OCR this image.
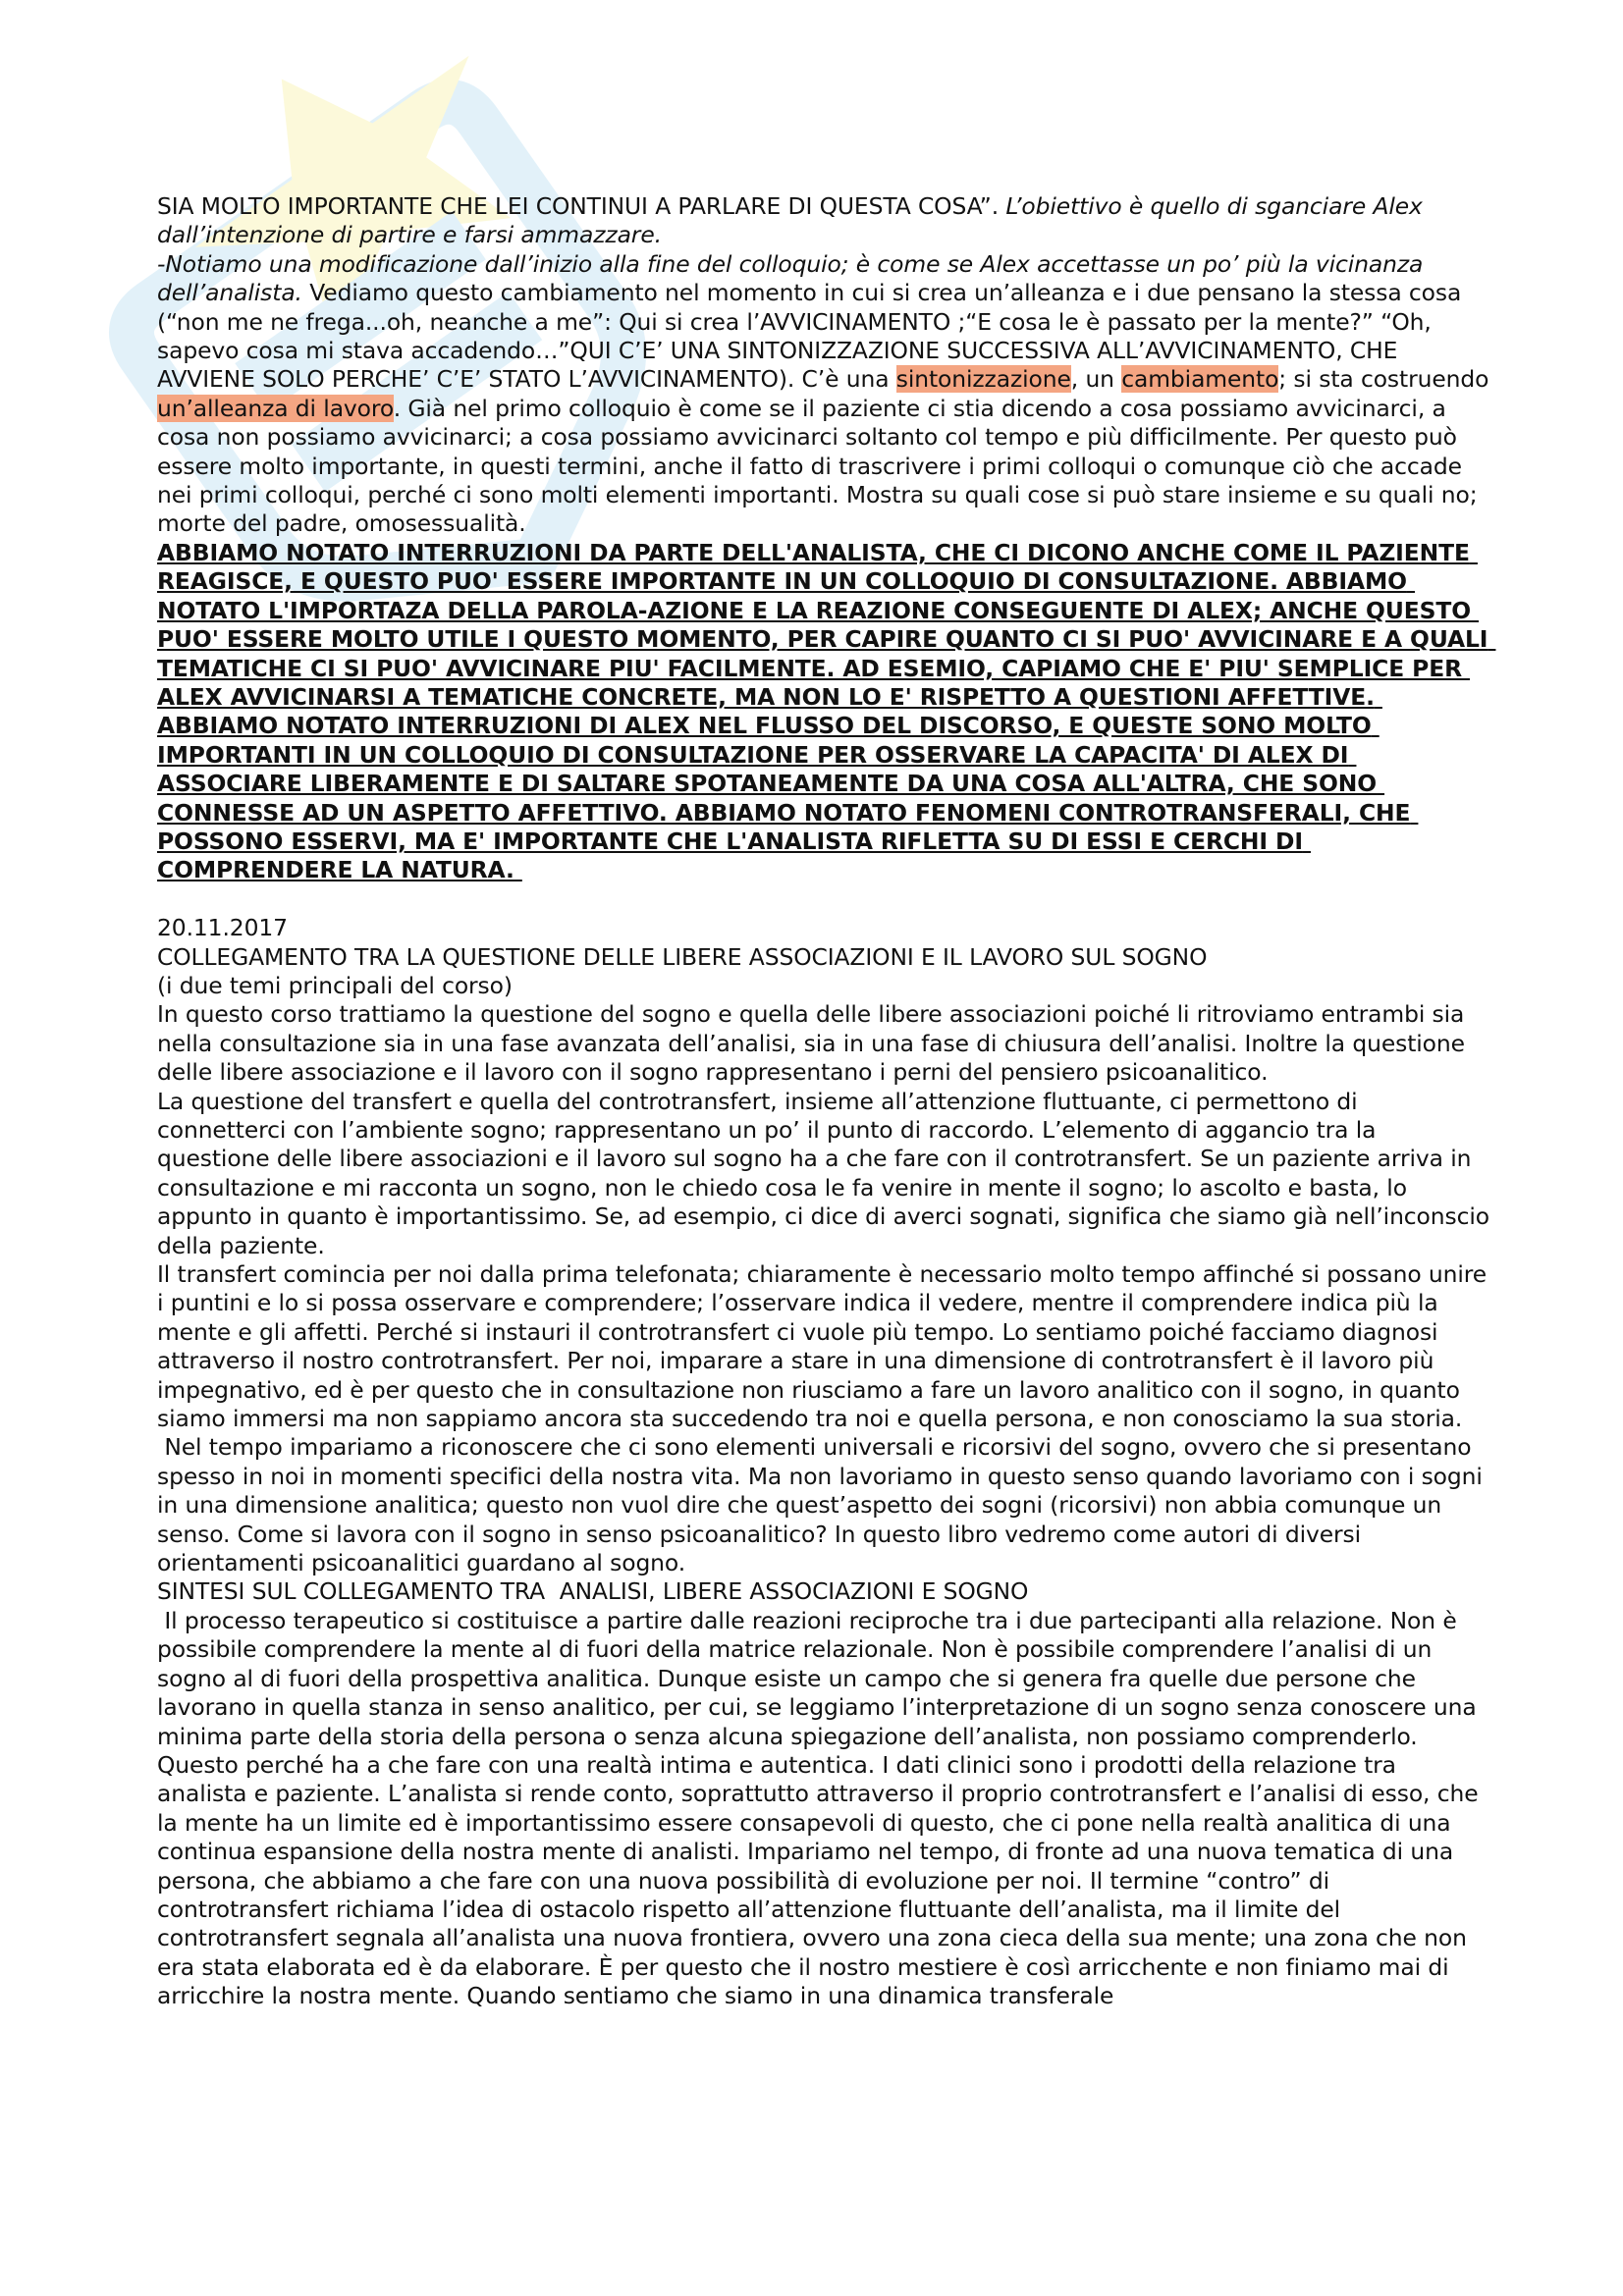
SIA MOLTO IMPORTANTE CHE LEI CONTINUI A PARLARE DI QUESTA COSA”. L’obiettivo è quello di sganciare Alex dall’intenzione di partire e farsi ammazzare.
-Notiamo una modificazione dall’inizio alla fine del colloquio; è come se Alex accettasse un po’ più la vicinanza dell’analista. Vediamo questo cambiamento nel momento in cui si crea un’alleanza e i due pensano la stessa cosa (“non me ne frega...oh, neanche a me”: Qui si crea l’AVVICINAMENTO ;“E cosa le è passato per la mente?” “Oh, sapevo cosa mi stava accadendo…”QUI C’E’ UNA SINTONIZZAZIONE SUCCESSIVA ALL’AVVICINAMENTO, CHE AVVIENE SOLO PERCHE’ C’E’ STATO L’AVVICINAMENTO). C’è una sintonizzazione, un cambiamento; si sta costruendo un’alleanza di lavoro. Già nel primo colloquio è come se il paziente ci stia dicendo a cosa possiamo avvicinarci, a cosa non possiamo avvicinarci; a cosa possiamo avvicinarci soltanto col tempo e più difficilmente. Per questo può essere molto importante, in questi termini, anche il fatto di trascrivere i primi colloqui o comunque ciò che accade nei primi colloqui, perché ci sono molti elementi importanti. Mostra su quali cose si può stare insieme e su quali no; morte del padre, omosessualità.

ABBIAMO NOTATO INTERRUZIONI DA PARTE DELL'ANALISTA, CHE CI DICONO ANCHE COME IL PAZIENTE REAGISCE, E QUESTO PUO' ESSERE IMPORTANTE IN UN COLLOQUIO DI CONSULTAZIONE. ABBIAMO NOTATO L'IMPORTAZA DELLA PAROLA-AZIONE E LA REAZIONE CONSEGUENTE DI ALEX; ANCHE QUESTO PUO' ESSERE MOLTO UTILE I QUESTO MOMENTO, PER CAPIRE QUANTO CI SI PUO' AVVICINARE E A QUALI TEMATICHE CI SI PUO' AVVICINARE PIU' FACILMENTE. AD ESEMIO, CAPIAMO CHE E' PIU' SEMPLICE PER ALEX AVVICINARSI A TEMATICHE CONCRETE, MA NON LO E' RISPETTO A QUESTIONI AFFETTIVE. ABBIAMO NOTATO INTERRUZIONI DI ALEX NEL FLUSSO DEL DISCORSO, E QUESTE SONO MOLTO IMPORTANTI IN UN COLLOQUIO DI CONSULTAZIONE PER OSSERVARE LA CAPACITA' DI ALEX DI ASSOCIARE LIBERAMENTE E DI SALTARE SPOTANEAMENTE DA UNA COSA ALL'ALTRA, CHE SONO CONNESSE AD UN ASPETTO AFFETTIVO. ABBIAMO NOTATO FENOMENI CONTROTRANSFERALI, CHE POSSONO ESSERVI, MA E' IMPORTANTE CHE L'ANALISTA RIFLETTA SU DI ESSI E CERCHI DI COMPRENDERE LA NATURA.

20.11.2017

COLLEGAMENTO TRA LA QUESTIONE DELLE LIBERE ASSOCIAZIONI E IL LAVORO SUL SOGNO

(i due temi principali del corso)

In questo corso trattiamo la questione del sogno e quella delle libere associazioni poiché li ritroviamo entrambi sia nella consultazione sia in una fase avanzata dell’analisi, sia in una fase di chiusura dell’analisi. Inoltre la questione delle libere associazione e il lavoro con il sogno rappresentano i perni del pensiero psicoanalitico.

La questione del transfert e quella del controtransfert, insieme all’attenzione fluttuante, ci permettono di connetterci con l’ambiente sogno; rappresentano un po’ il punto di raccordo. L’elemento di aggancio tra la questione delle libere associazioni e il lavoro sul sogno ha a che fare con il controtransfert. Se un paziente arriva in consultazione e mi racconta un sogno, non le chiedo cosa le fa venire in mente il sogno; lo ascolto e basta, lo appunto in quanto è importantissimo. Se, ad esempio, ci dice di averci sognati, significa che siamo già nell’inconscio della paziente.

Il transfert comincia per noi dalla prima telefonata; chiaramente è necessario molto tempo affinché si possano unire i puntini e lo si possa osservare e comprendere; l’osservare indica il vedere, mentre il comprendere indica più la mente e gli affetti. Perché si instauri il controtransfert ci vuole più tempo. Lo sentiamo poiché facciamo diagnosi attraverso il nostro controtransfert. Per noi, imparare a stare in una dimensione di controtransfert è il lavoro più impegnativo, ed è per questo che in consultazione non riusciamo a fare un lavoro analitico con il sogno, in quanto siamo immersi ma non sappiamo ancora sta succedendo tra noi e quella persona, e non conosciamo la sua storia.

Nel tempo impariamo a riconoscere che ci sono elementi universali e ricorsivi del sogno, ovvero che si presentano spesso in noi in momenti specifici della nostra vita. Ma non lavoriamo in questo senso quando lavoriamo con i sogni in una dimensione analitica; questo non vuol dire che quest’aspetto dei sogni (ricorsivi) non abbia comunque un senso. Come si lavora con il sogno in senso psicoanalitico? In questo libro vedremo come autori di diversi orientamenti psicoanalitici guardano al sogno.

SINTESI SUL COLLEGAMENTO TRA  ANALISI, LIBERE ASSOCIAZIONI E SOGNO

Il processo terapeutico si costituisce a partire dalle reazioni reciproche tra i due partecipanti alla relazione. Non è possibile comprendere la mente al di fuori della matrice relazionale. Non è possibile comprendere l’analisi di un sogno al di fuori della prospettiva analitica. Dunque esiste un campo che si genera fra quelle due persone che lavorano in quella stanza in senso analitico, per cui, se leggiamo l’interpretazione di un sogno senza conoscere una minima parte della storia della persona o senza alcuna spiegazione dell’analista, non possiamo comprenderlo. Questo perché ha a che fare con una realtà intima e autentica. I dati clinici sono i prodotti della relazione tra analista e paziente. L’analista si rende conto, soprattutto attraverso il proprio controtransfert e l’analisi di esso, che la mente ha un limite ed è importantissimo essere consapevoli di questo, che ci pone nella realtà analitica di una continua espansione della nostra mente di analisti. Impariamo nel tempo, di fronte ad una nuova tematica di una persona, che abbiamo a che fare con una nuova possibilità di evoluzione per noi. Il termine “contro” di controtransfert richiama l’idea di ostacolo rispetto all’attenzione fluttuante dell’analista, ma il limite del controtransfert segnala all’analista una nuova frontiera, ovvero una zona cieca della sua mente; una zona che non era stata elaborata ed è da elaborare. È per questo che il nostro mestiere è così arricchente e non finiamo mai di arricchire la nostra mente. Quando sentiamo che siamo in una dinamica transferale
